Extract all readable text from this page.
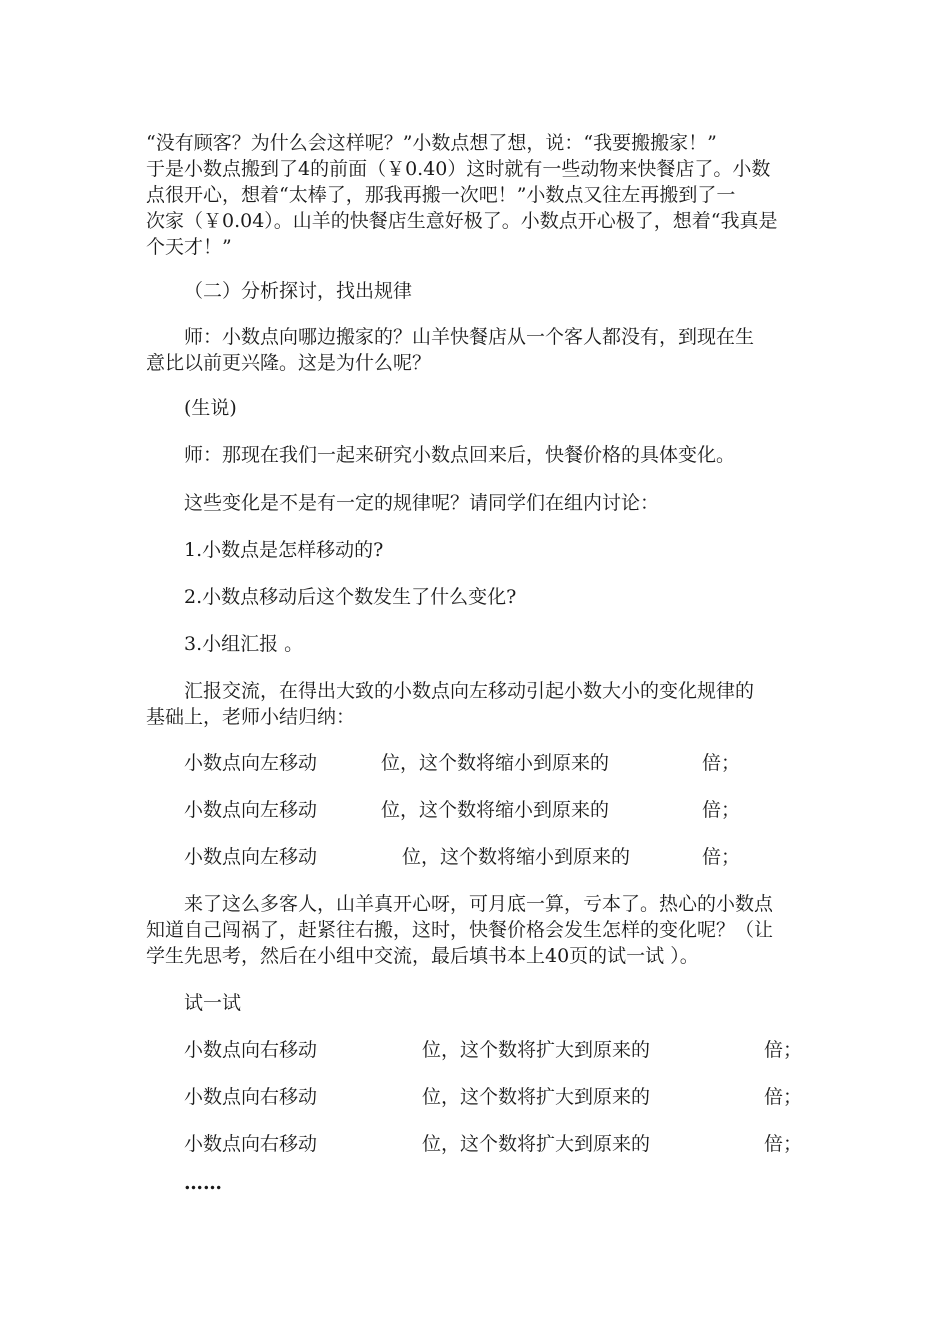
“没有顾客？为什么会这样呢？”小数点想了想，说：“我要搬搬家！”

于是小数点搬到了4的前面（￥0.40）这时就有一些动物来快餐店了。小数

点很开心，想着“太棒了，那我再搬一次吧！”小数点又往左再搬到了一

次家（￥0.04）。山羊的快餐店生意好极了。小数点开心极了，想着“我真是

个天才！”

（二）分析探讨，找出规律

师：小数点向哪边搬家的？山羊快餐店从一个客人都没有，到现在生

意比以前更兴隆。这是为什么呢？

(生说)

师：那现在我们一起来研究小数点回来后，快餐价格的具体变化。

这些变化是不是有一定的规律呢？请同学们在组内讨论：

1.小数点是怎样移动的?

2.小数点移动后这个数发生了什么变化?

3.小组汇报 。

汇报交流，在得出大致的小数点向左移动引起小数大小的变化规律的

基础上，老师小结归纳：

小数点向左移动	位，这个数将缩小到原来的	倍；
小数点向左移动	位，这个数将缩小到原来的	倍；
小数点向左移动	位，这个数将缩小到原来的	倍；

来了这么多客人，山羊真开心呀，可月底一算，亏本了。热心的小数点

知道自己闯祸了，赶紧往右搬，这时，快餐价格会发生怎样的变化呢？（让

学生先思考，然后在小组中交流，最后填书本上40页的试一试 ）。

试一试

小数点向右移动	位，这个数将扩大到原来的	倍；
小数点向右移动	位，这个数将扩大到原来的	倍；
小数点向右移动	位，这个数将扩大到原来的	倍；

……
